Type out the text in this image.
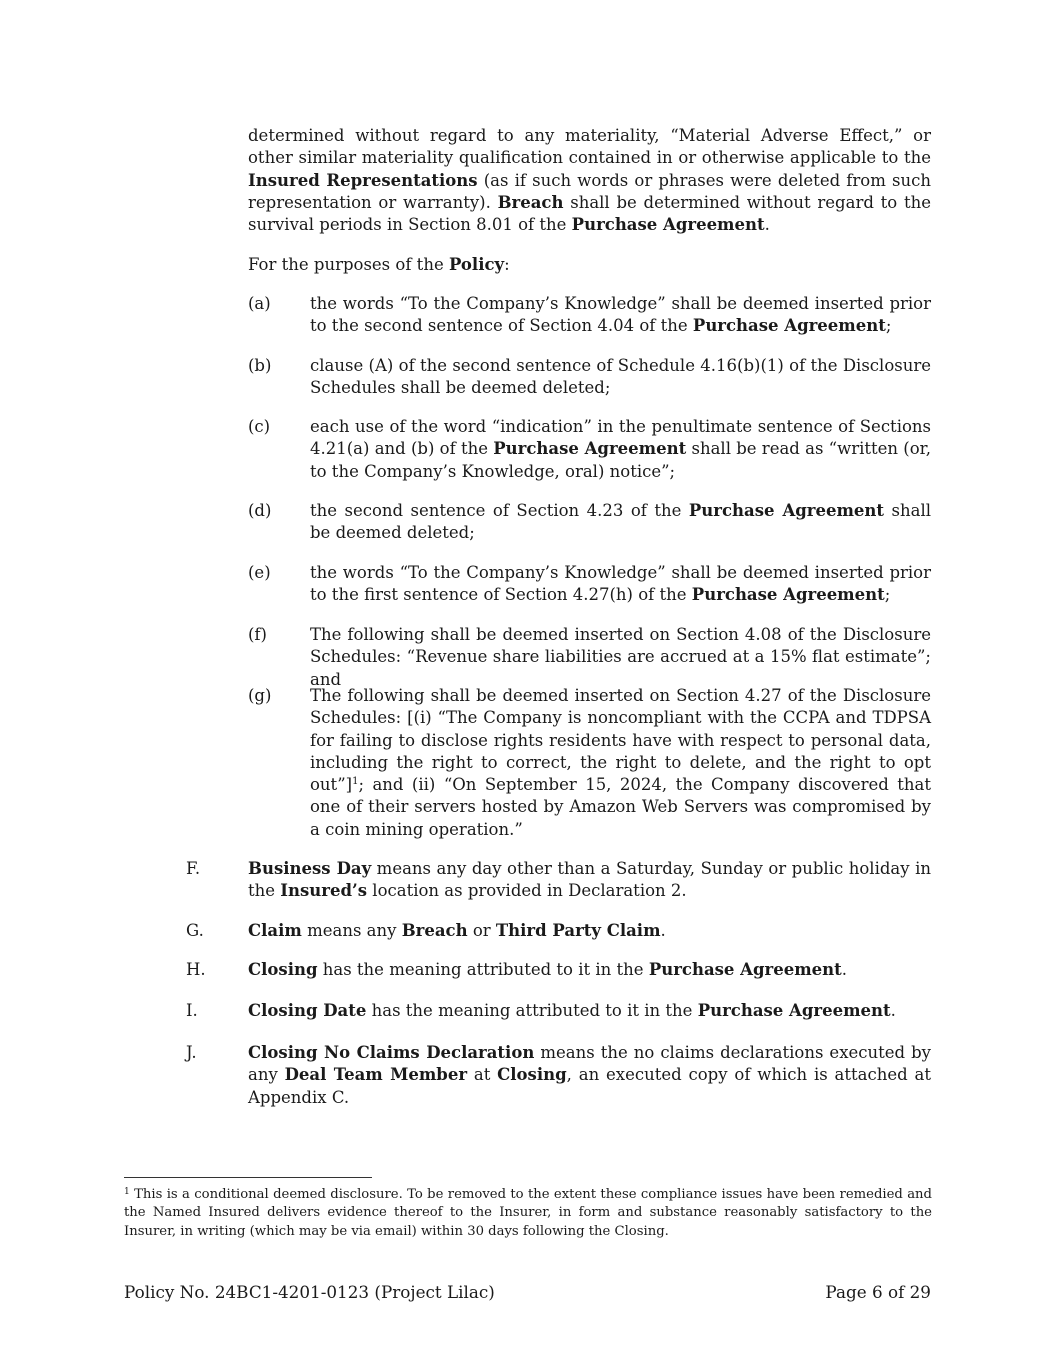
determined without regard to any materiality, “Material Adverse Effect,” or other similar materiality qualification contained in or otherwise applicable to the Insured Representations (as if such words or phrases were deleted from such representation or warranty). Breach shall be determined without regard to the survival periods in Section 8.01 of the Purchase Agreement.

For the purposes of the Policy:

(a) the words “To the Company’s Knowledge” shall be deemed inserted prior to the second sentence of Section 4.04 of the Purchase Agreement;
(b) clause (A) of the second sentence of Schedule 4.16(b)(1) of the Disclosure Schedules shall be deemed deleted;
(c) each use of the word “indication” in the penultimate sentence of Sections 4.21(a) and (b) of the Purchase Agreement shall be read as “written (or, to the Company’s Knowledge, oral) notice”;
(d) the second sentence of Section 4.23 of the Purchase Agreement shall be deemed deleted;
(e) the words “To the Company’s Knowledge” shall be deemed inserted prior to the first sentence of Section 4.27(h) of the Purchase Agreement;
(f)	The following shall be deemed inserted on Section 4.08 of the Disclosure Schedules: “Revenue share liabilities are accrued at a 15% flat estimate”; and
(g) The following shall be deemed inserted on Section 4.27 of the Disclosure Schedules: [(i) “The Company is noncompliant with the CCPA and TDPSA for failing to disclose rights residents have with respect to personal data, including the right to correct, the right to delete, and the right to opt out”]$^1$; and (ii) “On September 15, 2024, the Company discovered that one of their servers hosted by Amazon Web Servers was compromised by a coin mining operation.”
F.	Business Day means any day other than a Saturday, Sunday or public holiday in the Insured’s location as provided in Declaration 2.
G.	Claim means any Breach or Third Party Claim.
H.	Closing has the meaning attributed to it in the Purchase Agreement.
I.	Closing Date has the meaning attributed to it in the Purchase Agreement.
J.	Closing No Claims Declaration means the no claims declarations executed by any Deal Team Member at Closing, an executed copy of which is attached at Appendix C.
$^1$ This is a conditional deemed disclosure. To be removed to the extent these compliance issues have been remedied and the Named Insured delivers evidence thereof to the Insurer, in form and substance reasonably satisfactory to the Insurer, in writing (which may be via email) within 30 days following the Closing.
Policy No. 24BC1-4201-0123 (Project Lilac)	Page 6 of 29
